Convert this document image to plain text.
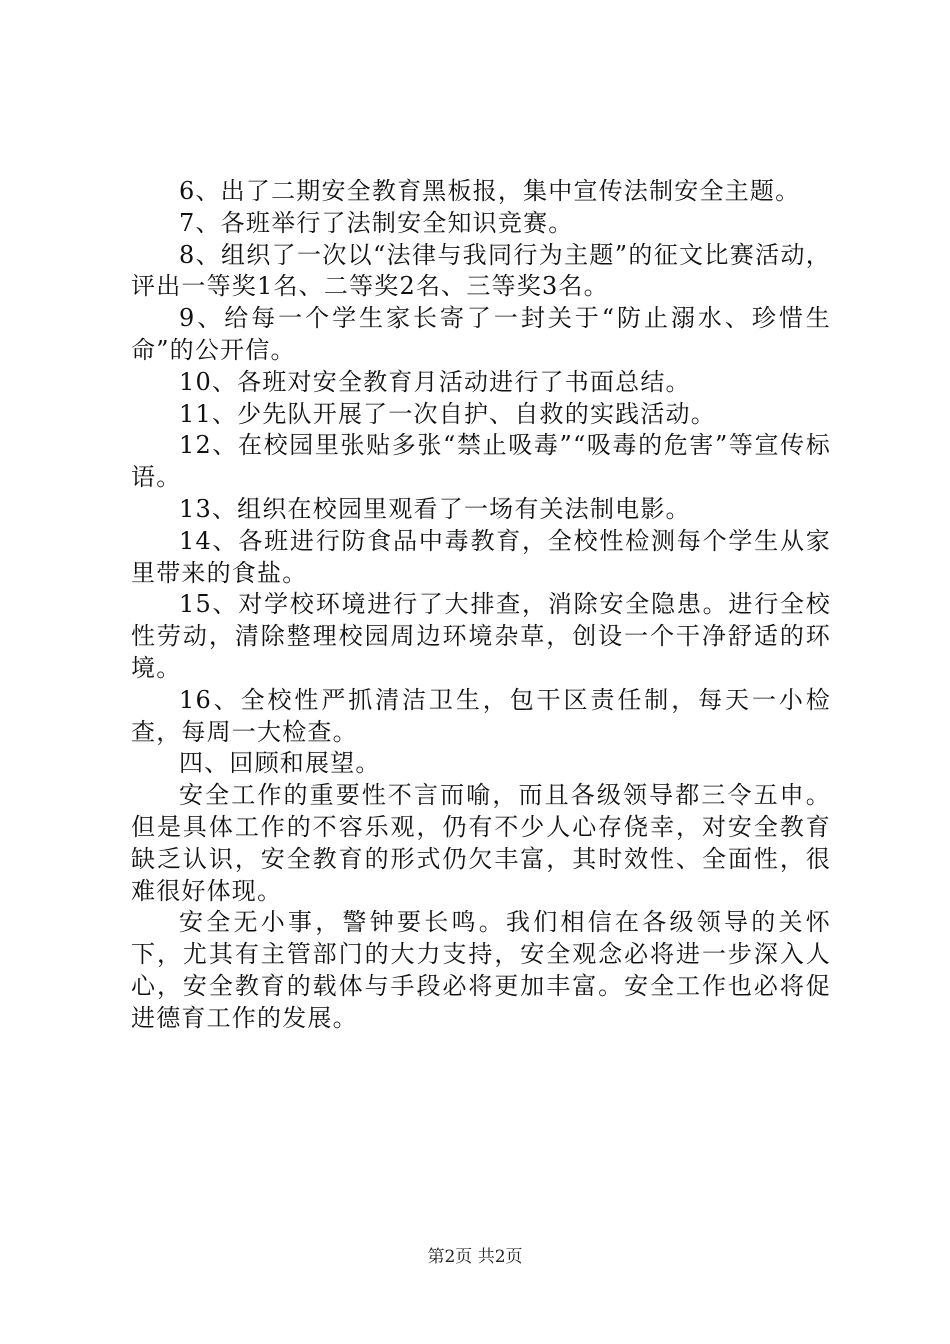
6、出了二期安全教育黑板报，集中宣传法制安全主题。

7、各班举行了法制安全知识竞赛。

8、组织了一次以“法律与我同行为主题”的征文比赛活动，评出一等奖1名、二等奖2名、三等奖3名。

9、给每一个学生家长寄了一封关于“防止溺水、珍惜生命”的公开信。

10、各班对安全教育月活动进行了书面总结。

11、少先队开展了一次自护、自救的实践活动。

12、在校园里张贴多张“禁止吸毒”“吸毒的危害”等宣传标语。

13、组织在校园里观看了一场有关法制电影。

14、各班进行防食品中毒教育，全校性检测每个学生从家里带来的食盐。

15、对学校环境进行了大排查，消除安全隐患。进行全校性劳动，清除整理校园周边环境杂草，创设一个干净舒适的环境。

16、全校性严抓清洁卫生，包干区责任制，每天一小检查，每周一大检查。

四、回顾和展望。

安全工作的重要性不言而喻，而且各级领导都三令五申。但是具体工作的不容乐观，仍有不少人心存侥幸，对安全教育缺乏认识，安全教育的形式仍欠丰富，其时效性、全面性，很难很好体现。

安全无小事，警钟要长鸣。我们相信在各级领导的关怀下，尤其有主管部门的大力支持，安全观念必将进一步深入人心，安全教育的载体与手段必将更加丰富。安全工作也必将促进德育工作的发展。

第2页 共2页
